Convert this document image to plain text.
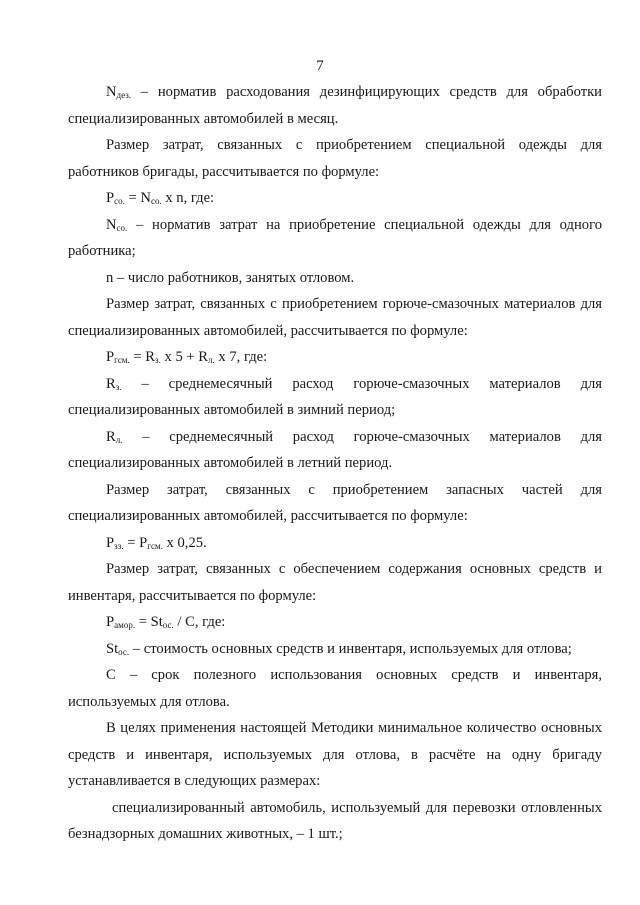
7

$N_{дез.}$ – норматив расходования дезинфицирующих средств для обработки специализированных автомобилей в месяц.

Размер затрат, связанных с приобретением специальной одежды для работников бригады, рассчитывается по формуле:

$Р_{со.} = N_{со.}$ х n, где:

$N_{со.}$ – норматив затрат на приобретение специальной одежды для одного работника;

n – число работников, занятых отловом.

Размер затрат, связанных с приобретением горюче-смазочных материалов для специализированных автомобилей, рассчитывается по формуле:

$Р_{гсм.} = R_{з.}$ х $5 + R_{л.}$ х 7, где:

$R_{з.}$ – среднемесячный расход горюче-смазочных материалов для специализированных автомобилей в зимний период;

$R_{л.}$ – среднемесячный расход горюче-смазочных материалов для специализированных автомобилей в летний период.

Размер затрат, связанных с приобретением запасных частей для специализированных автомобилей, рассчитывается по формуле:

$Р_{зз.} = Р_{гсм.}$ х 0,25.

Размер затрат, связанных с обеспечением содержания основных средств и инвентаря, рассчитывается по формуле:

$Р_{амор.} = St_{ос.} / С$, где:

$St_{ос.}$ – стоимость основных средств и инвентаря, используемых для отлова;

С – срок полезного использования основных средств и инвентаря, используемых для отлова.

В целях применения настоящей Методики минимальное количество основных средств и инвентаря, используемых для отлова, в расчёте на одну бригаду устанавливается в следующих размерах:

специализированный автомобиль, используемый для перевозки отловленных безнадзорных домашних животных, – 1 шт.;
